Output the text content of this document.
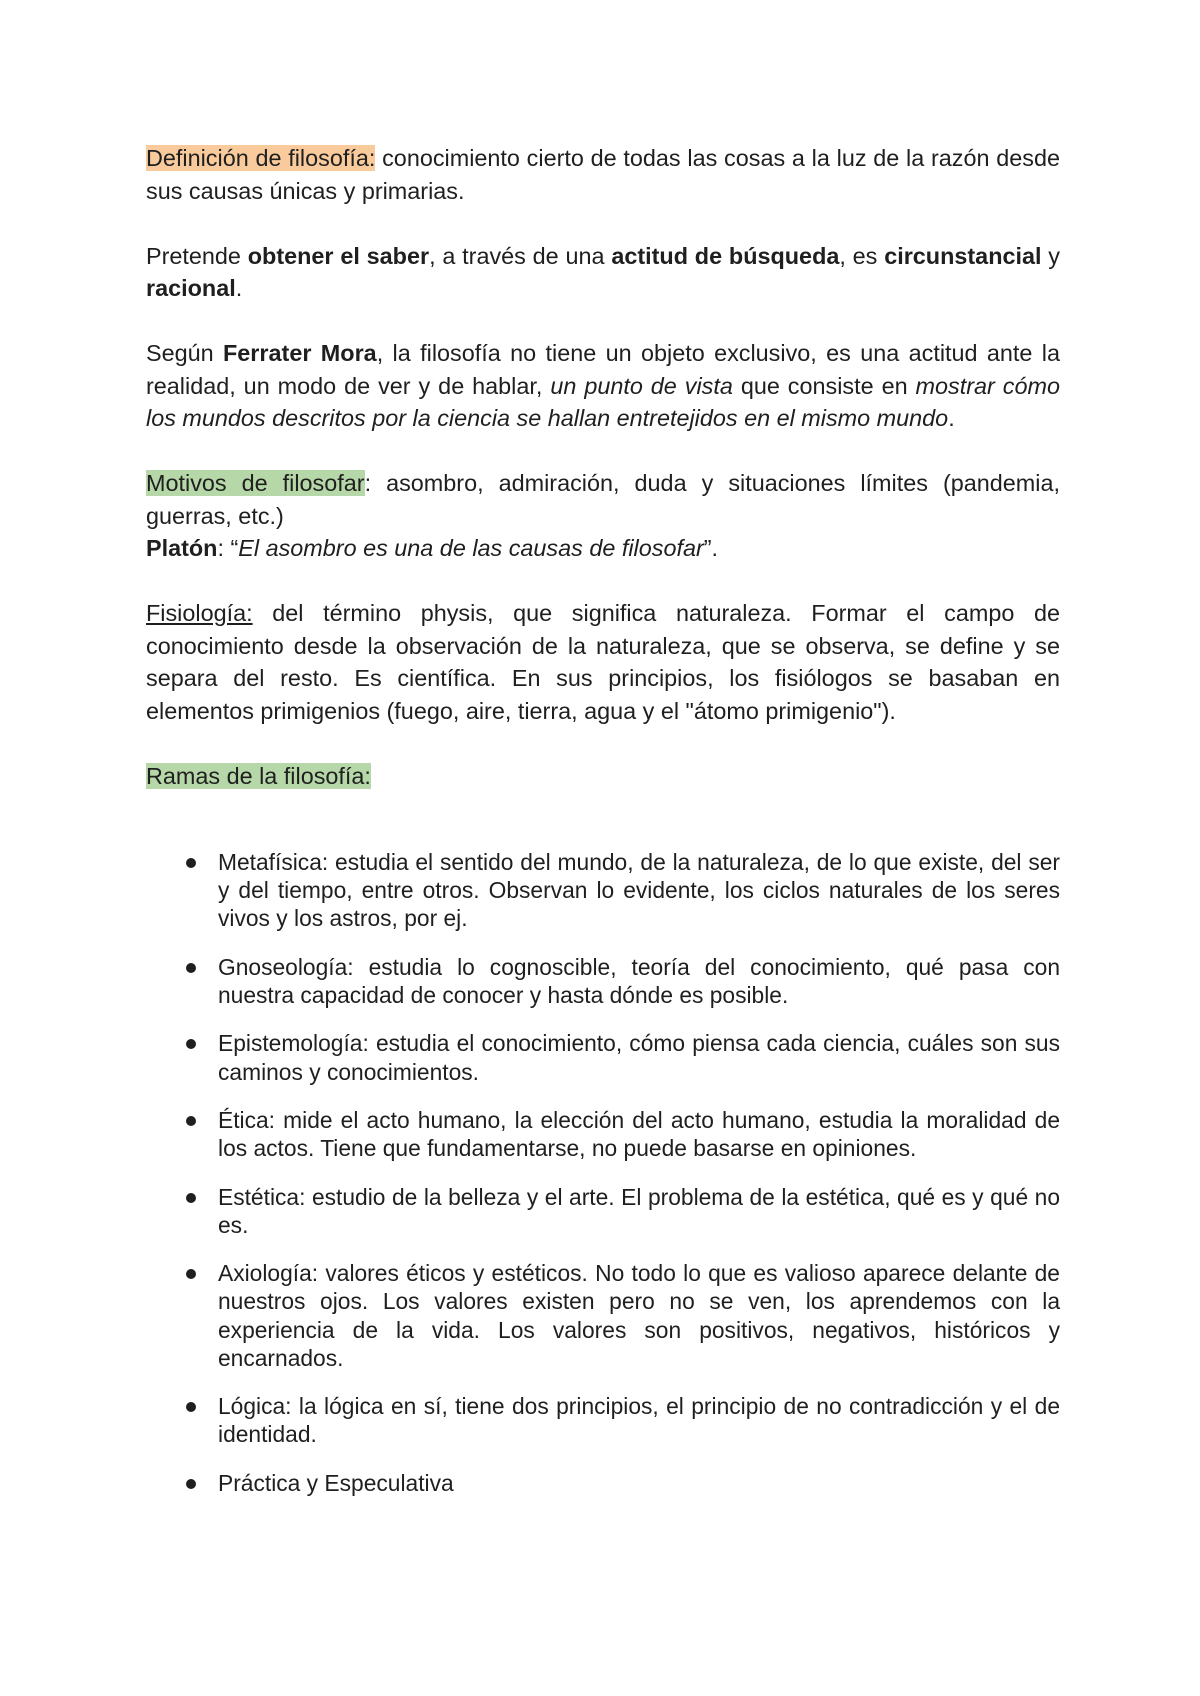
Definición de filosofía: conocimiento cierto de todas las cosas a la luz de la razón desde sus causas únicas y primarias.

Pretende obtener el saber, a través de una actitud de búsqueda, es circunstancial y racional.

Según Ferrater Mora, la filosofía no tiene un objeto exclusivo, es una actitud ante la realidad, un modo de ver y de hablar, un punto de vista que consiste en mostrar cómo los mundos descritos por la ciencia se hallan entretejidos en el mismo mundo.

Motivos de filosofar: asombro, admiración, duda y situaciones límites (pandemia, guerras, etc.)

Platón: “El asombro es una de las causas de filosofar”.

Fisiología: del término physis, que significa naturaleza. Formar el campo de conocimiento desde la observación de la naturaleza, que se observa, se define y se separa del resto. Es científica. En sus principios, los fisiólogos se basaban en elementos primigenios (fuego, aire, tierra, agua y el "átomo primigenio").

Ramas de la filosofía:

Metafísica: estudia el sentido del mundo, de la naturaleza, de lo que existe, del ser y del tiempo, entre otros. Observan lo evidente, los ciclos naturales de los seres vivos y los astros, por ej.
Gnoseología: estudia lo cognoscible, teoría del conocimiento, qué pasa con nuestra capacidad de conocer y hasta dónde es posible.
Epistemología: estudia el conocimiento, cómo piensa cada ciencia, cuáles son sus caminos y conocimientos.
Ética: mide el acto humano, la elección del acto humano, estudia la moralidad de los actos. Tiene que fundamentarse, no puede basarse en opiniones.
Estética: estudio de la belleza y el arte. El problema de la estética, qué es y qué no es.
Axiología: valores éticos y estéticos. No todo lo que es valioso aparece delante de nuestros ojos. Los valores existen pero no se ven, los aprendemos con la experiencia de la vida. Los valores son positivos, negativos, históricos y encarnados.
Lógica: la lógica en sí, tiene dos principios, el principio de no contradicción y el de identidad.
Práctica y Especulativa
